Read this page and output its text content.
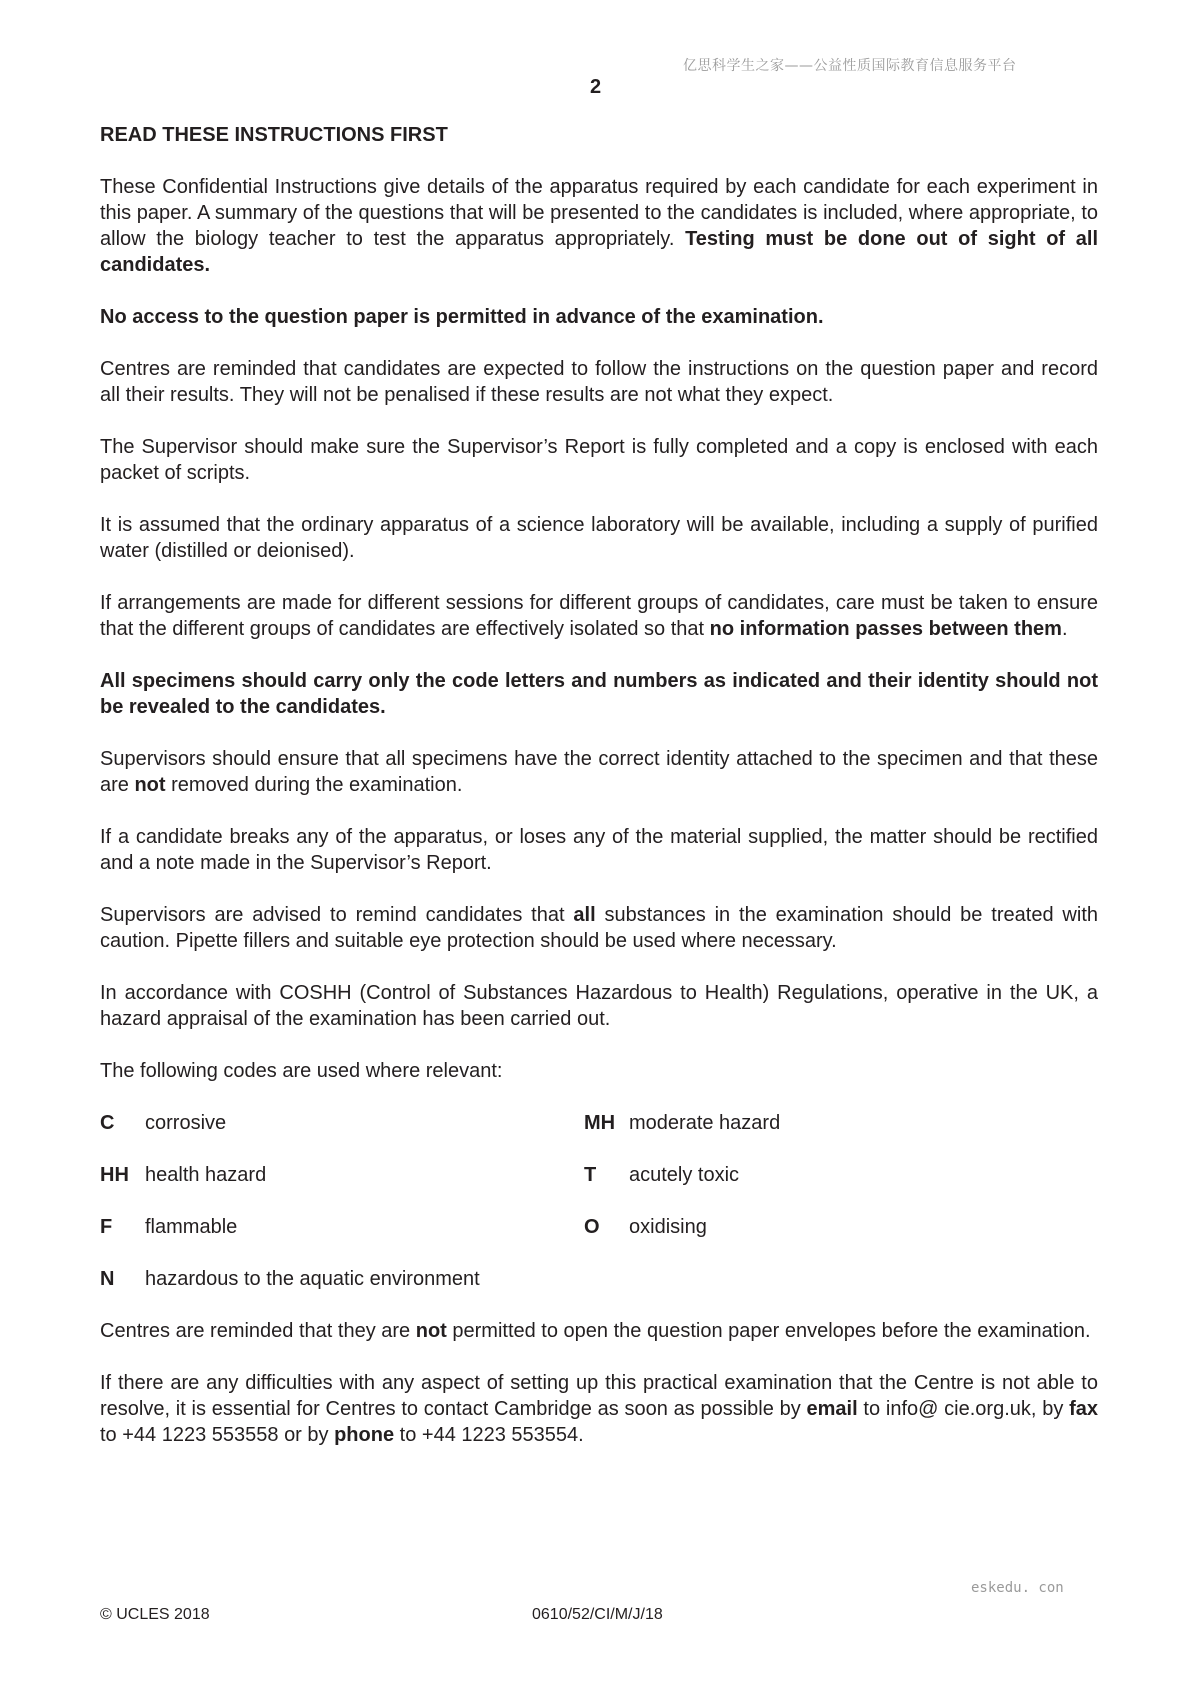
亿思科学生之家——公益性质国际教育信息服务平台
2

READ THESE INSTRUCTIONS FIRST

These Confidential Instructions give details of the apparatus required by each candidate for each experiment in this paper. A summary of the questions that will be presented to the candidates is included, where appropriate, to allow the biology teacher to test the apparatus appropriately. Testing must be done out of sight of all candidates.

No access to the question paper is permitted in advance of the examination.

Centres are reminded that candidates are expected to follow the instructions on the question paper and record all their results. They will not be penalised if these results are not what they expect.

The Supervisor should make sure the Supervisor’s Report is fully completed and a copy is enclosed with each packet of scripts.

It is assumed that the ordinary apparatus of a science laboratory will be available, including a supply of purified water (distilled or deionised).

If arrangements are made for different sessions for different groups of candidates, care must be taken to ensure that the different groups of candidates are effectively isolated so that no information passes between them.

All specimens should carry only the code letters and numbers as indicated and their identity should not be revealed to the candidates.

Supervisors should ensure that all specimens have the correct identity attached to the specimen and that these are not removed during the examination.

If a candidate breaks any of the apparatus, or loses any of the material supplied, the matter should be rectified and a note made in the Supervisor’s Report.

Supervisors are advised to remind candidates that all substances in the examination should be treated with caution. Pipette fillers and suitable eye protection should be used where necessary.

In accordance with COSHH (Control of Substances Hazardous to Health) Regulations, operative in the UK, a hazard appraisal of the examination has been carried out.

The following codes are used where relevant:

C	corrosive	MH moderate hazard
HH health hazard	T	acutely toxic
F	flammable	O	oxidising
N	hazardous to the aquatic environment

Centres are reminded that they are not permitted to open the question paper envelopes before the examination.

If there are any difficulties with any aspect of setting up this practical examination that the Centre is not able to resolve, it is essential for Centres to contact Cambridge as soon as possible by email to info@ cie.org.uk, by fax to +44 1223 553558 or by phone to +44 1223 553554.

eskedu. con
© UCLES 2018	0610/52/CI/M/J/18
